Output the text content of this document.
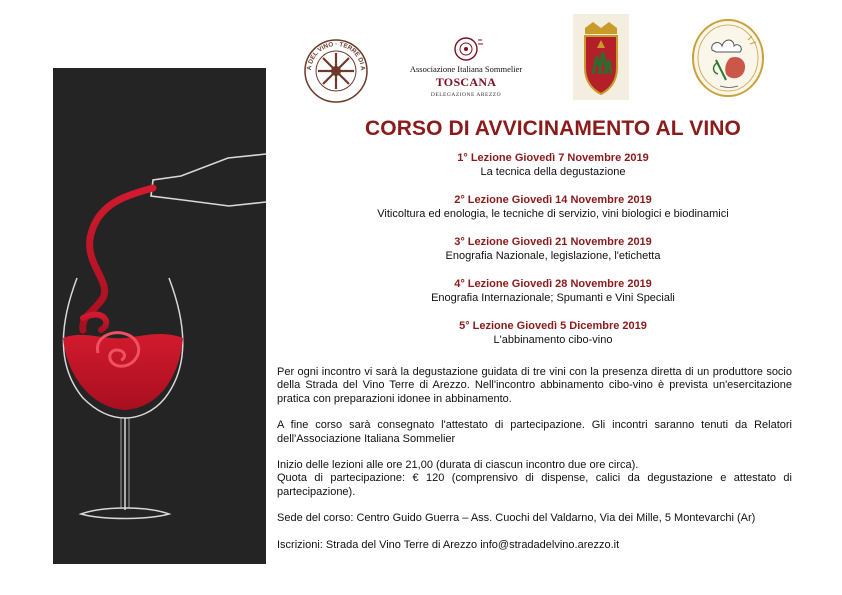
A DEL VINO · TERRE DI A	Associazione Italiana Sommelier
TOSCANA
DELEGAZIONE AREZZO
CORSO DI AVVICINAMENTO AL VINO
1° Lezione Giovedì 7 Novembre 2019
La tecnica della degustazione
2° Lezione Giovedì 14 Novembre 2019
Viticoltura ed enologia, le tecniche di servizio, vini biologici e biodinamici
3° Lezione Giovedì 21 Novembre 2019
Enografia Nazionale, legislazione, l'etichetta
4° Lezione Giovedì 28 Novembre 2019
Enografia Internazionale; Spumanti e Vini Speciali
5° Lezione Giovedì 5 Dicembre 2019
L'abbinamento cibo-vino

Per ogni incontro vi sarà la degustazione guidata di tre vini con la presenza diretta di un produttore socio della Strada del Vino Terre di Arezzo. Nell'incontro abbinamento cibo-vino è prevista un'esercitazione pratica con preparazioni idonee in abbinamento.

A fine corso sarà consegnato l'attestato di partecipazione. Gli incontri saranno tenuti da Relatori dell'Associazione Italiana Sommelier

Inizio delle lezioni alle ore 21,00 (durata di ciascun incontro due ore circa).

Quota di partecipazione: € 120 (comprensivo di dispense, calici da degustazione e attestato di partecipazione).

Sede del corso: Centro Guido Guerra – Ass. Cuochi del Valdarno, Via dei Mille, 5 Montevarchi (Ar)

Iscrizioni: Strada del Vino Terre di Arezzo info@stradadelvino.arezzo.it
